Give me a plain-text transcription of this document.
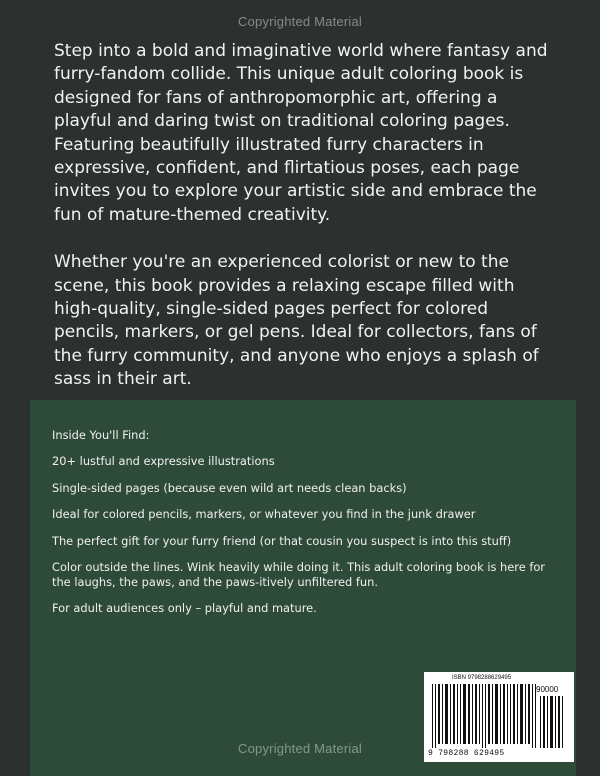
Copyrighted Material

Step into a bold and imaginative world where fantasy and furry-fandom collide. This unique adult coloring book is designed for fans of anthropomorphic art, offering a playful and daring twist on traditional coloring pages. Featuring beautifully illustrated furry characters in expressive, confident, and flirtatious poses, each page invites you to explore your artistic side and embrace the fun of mature-themed creativity.

Whether you're an experienced colorist or new to the scene, this book provides a relaxing escape filled with high-quality, single-sided pages perfect for colored pencils, markers, or gel pens. Ideal for collectors, fans of the furry community, and anyone who enjoys a splash of sass in their art.

Inside You'll Find:

20+ lustful and expressive illustrations

Single-sided pages (because even wild art needs clean backs)

Ideal for colored pencils, markers, or whatever you find in the junk drawer

The perfect gift for your furry friend (or that cousin you suspect is into this stuff)

Color outside the lines. Wink heavily while doing it. This adult coloring book is here for the laughs, the paws, and the paws-itively unfiltered fun.

For adult audiences only – playful and mature.

ISBN 9798288629495
90000
9 798288 629495
Copyrighted Material
